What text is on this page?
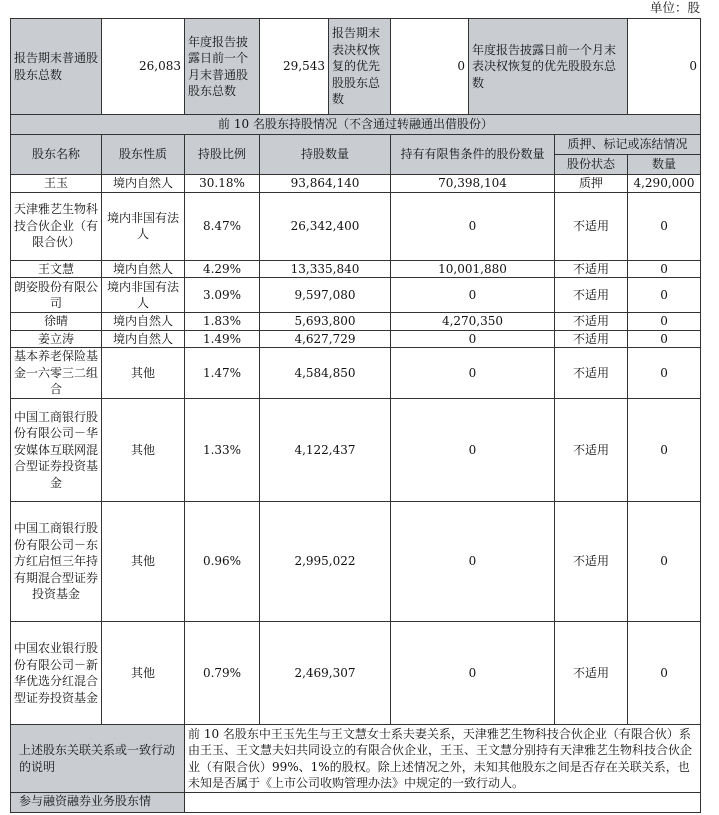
单位：股
报告期末普通股股东总数	26,083	年度报告披露日前一个月末普通股股东总数	29,543	报告期末表决权恢复的优先股股东总数	0	年度报告披露日前一个月末表决权恢复的优先股股东总数		0
前 10 名股东持股情况（不含通过转融通出借股份）								
股东名称	股东性质	持股比例	持股数量		持有有限售条件的股份数量		质押、标记或冻结情况	
							股份状态	数量
王玉	境内自然人	30.18%	93,864,140		70,398,104		质押	4,290,000
天津雅艺生物科技合伙企业（有限合伙）	境内非国有法人	8.47%	26,342,400		0		不适用	0
王文慧	境内自然人	4.29%	13,335,840		10,001,880		不适用	0
朗姿股份有限公司	境内非国有法人	3.09%	9,597,080		0		不适用	0
徐晴	境内自然人	1.83%	5,693,800		4,270,350		不适用	0
姜立涛	境内自然人	1.49%	4,627,729		0		不适用	0
基本养老保险基金一六零三二组合	其他	1.47%	4,584,850		0		不适用	0
中国工商银行股份有限公司－华安媒体互联网混合型证券投资基金	其他	1.33%	4,122,437		0		不适用	0
中国工商银行股份有限公司－东方红启恒三年持有期混合型证券投资基金	其他	0.96%	2,995,022		0		不适用	0
中国农业银行股份有限公司－新华优选分红混合型证券投资基金	其他	0.79%	2,469,307		0		不适用	0
上述股东关联关系或一致行动的说明		前 10 名股东中王玉先生与王文慧女士系夫妻关系，天津雅艺生物科技合伙企业（有限合伙）系由王玉、王文慧夫妇共同设立的有限合伙企业，王玉、王文慧分别持有天津雅艺生物科技合伙企业（有限合伙）99%、1%的股权。除上述情况之外，未知其他股东之间是否存在关联关系，也未知是否属于《上市公司收购管理办法》中规定的一致行动人。						
参与融资融券业务股东情								
